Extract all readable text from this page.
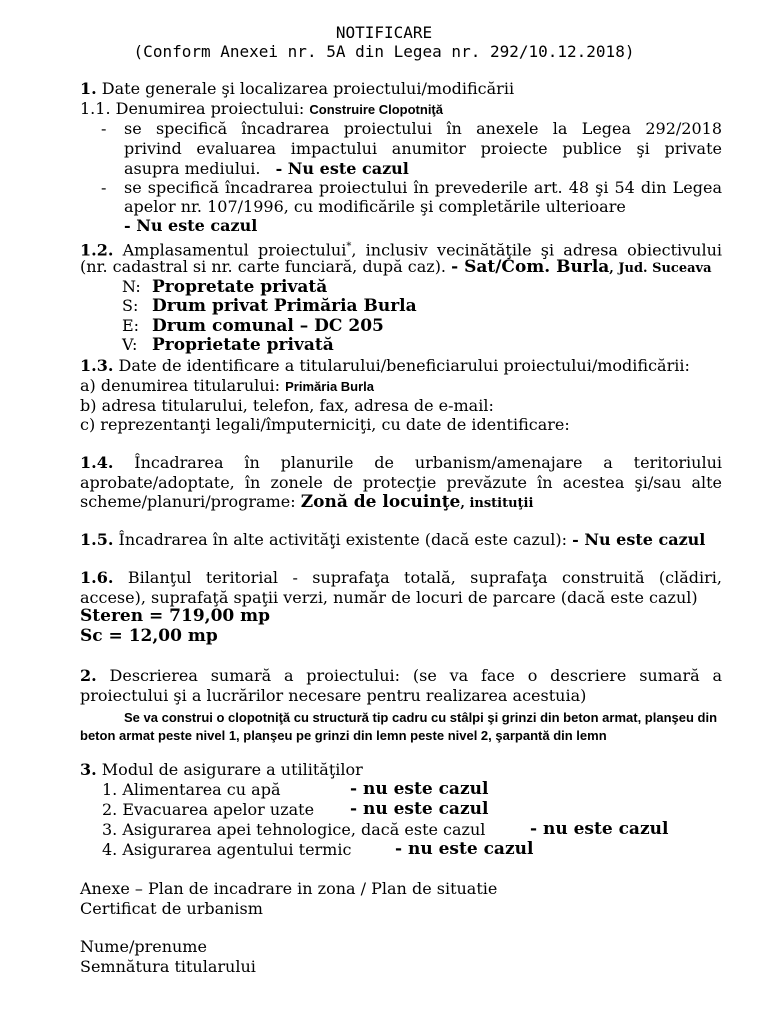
NOTIFICARE
(Conform Anexei nr. 5A din Legea nr. 292/10.12.2018)
1. Date generale şi localizarea proiectului/modificării
1.1. Denumirea proiectului: Construire Clopotniţă
- se specifică încadrarea proiectului în anexele la Legea 292/2018
privind evaluarea impactului anumitor proiecte publice şi private
asupra mediului. - Nu este cazul
- se specifică încadrarea proiectului în prevederile art. 48 şi 54 din Legea
apelor nr. 107/1996, cu modificările şi completările ulterioare
- Nu este cazul
1.2. Amplasamentul proiectului*, inclusiv vecinătăţile şi adresa obiectivului
(nr. cadastral si nr. carte funciară, după caz). - Sat/Com. Burla, Jud. Suceava
N: Propretate privată
S: Drum privat Primăria Burla
E: Drum comunal – DC 205
V: Proprietate privată
1.3. Date de identificare a titularului/beneficiarului proiectului/modificării:
a) denumirea titularului: Primăria Burla
b) adresa titularului, telefon, fax, adresa de e-mail:
c) reprezentanţi legali/împuterniciţi, cu date de identificare:
1.4. Încadrarea în planurile de urbanism/amenajare a teritoriului
aprobate/adoptate, în zonele de protecţie prevăzute în acestea şi/sau alte
scheme/planuri/programe: Zonă de locuinţe, instituţii
1.5. Încadrarea în alte activităţi existente (dacă este cazul): - Nu este cazul
1.6. Bilanţul teritorial - suprafaţa totală, suprafaţa construită (clădiri,
accese), suprafaţă spaţii verzi, număr de locuri de parcare (dacă este cazul)
Steren = 719,00 mp
Sc = 12,00 mp
2. Descrierea sumară a proiectului: (se va face o descriere sumară a
proiectului şi a lucrărilor necesare pentru realizarea acestuia)
Se va construi o clopotniţă cu structură tip cadru cu stâlpi şi grinzi din beton armat, planşeu din
beton armat peste nivel 1, planşeu pe grinzi din lemn peste nivel 2, şarpantă din lemn
3. Modul de asigurare a utilităţilor
1. Alimentarea cu apă	- nu este cazul
2. Evacuarea apelor uzate - nu este cazul
3. Asigurarea apei tehnologice, dacă este cazul	- nu este cazul
4. Asigurarea agentului termic	- nu este cazul
Anexe – Plan de incadrare in zona / Plan de situatie
Certificat de urbanism
Nume/prenume
Semnătura titularului
